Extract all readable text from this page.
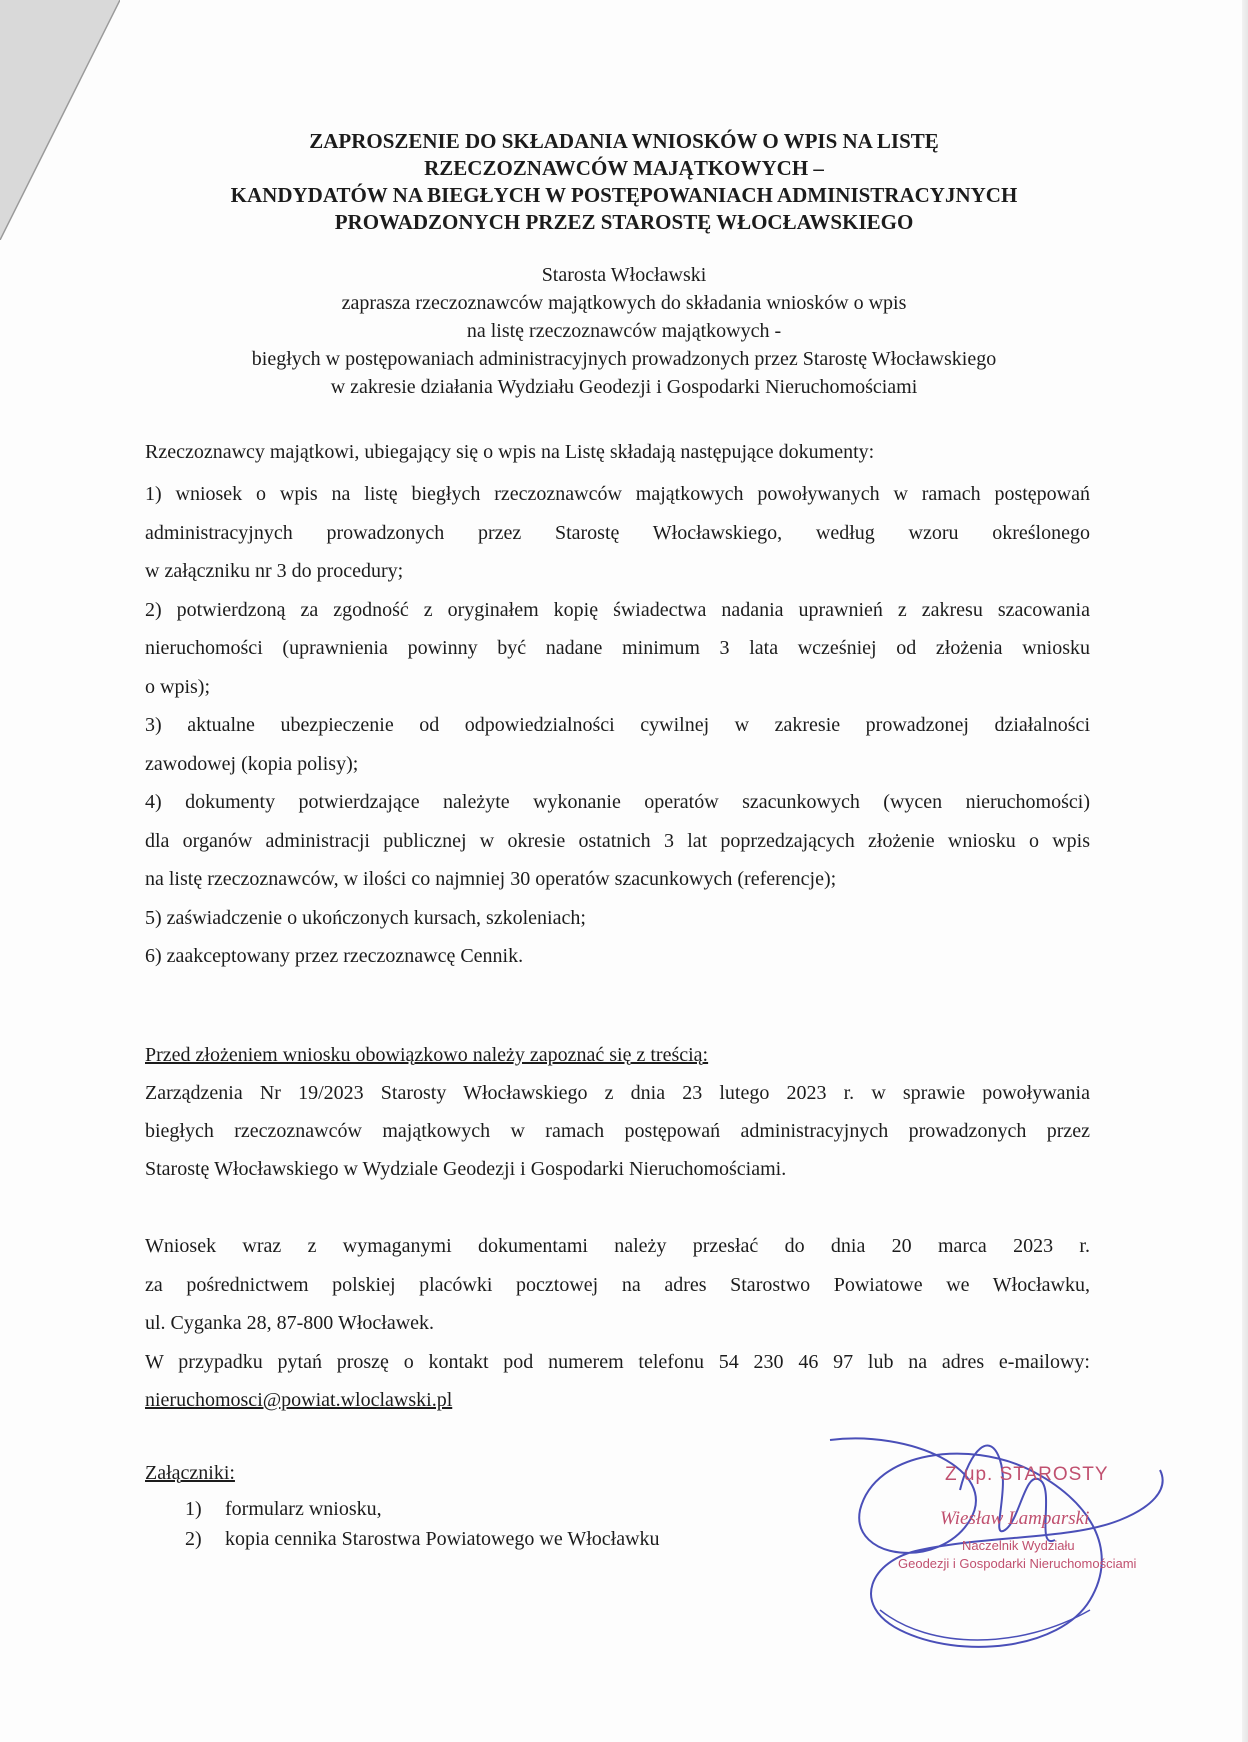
ZAPROSZENIE DO SKŁADANIA WNIOSKÓW O WPIS NA LISTĘ
RZECZOZNAWCÓW MAJĄTKOWYCH –
KANDYDATÓW NA BIEGŁYCH W POSTĘPOWANIACH ADMINISTRACYJNYCH
PROWADZONYCH PRZEZ STAROSTĘ WŁOCŁAWSKIEGO
Starosta Włocławski
zaprasza rzeczoznawców majątkowych do składania wniosków o wpis
na listę rzeczoznawców majątkowych -
biegłych w postępowaniach administracyjnych prowadzonych przez Starostę Włocławskiego
w zakresie działania Wydziału Geodezji i Gospodarki Nieruchomościami
Rzeczoznawcy majątkowi, ubiegający się o wpis na Listę składają następujące dokumenty:
1) wniosek o wpis na listę biegłych rzeczoznawców majątkowych powoływanych w ramach postępowań
administracyjnych prowadzonych przez Starostę Włocławskiego, według wzoru określonego
w załączniku nr 3 do procedury;
2) potwierdzoną za zgodność z oryginałem kopię świadectwa nadania uprawnień z zakresu szacowania
nieruchomości (uprawnienia powinny być nadane minimum 3 lata wcześniej od złożenia wniosku
o wpis);
3) aktualne ubezpieczenie od odpowiedzialności cywilnej w zakresie prowadzonej działalności
zawodowej (kopia polisy);
4) dokumenty potwierdzające należyte wykonanie operatów szacunkowych (wycen nieruchomości)
dla organów administracji publicznej w okresie ostatnich 3 lat poprzedzających złożenie wniosku o wpis
na listę rzeczoznawców, w ilości co najmniej 30 operatów szacunkowych (referencje);
5) zaświadczenie o ukończonych kursach, szkoleniach;
6) zaakceptowany przez rzeczoznawcę Cennik.
Przed złożeniem wniosku obowiązkowo należy zapoznać się z treścią:
Zarządzenia Nr 19/2023 Starosty Włocławskiego z dnia 23 lutego 2023 r. w sprawie powoływania
biegłych rzeczoznawców majątkowych w ramach postępowań administracyjnych prowadzonych przez
Starostę Włocławskiego w Wydziale Geodezji i Gospodarki Nieruchomościami.
Wniosek wraz z wymaganymi dokumentami należy przesłać do dnia 20 marca 2023 r.
za pośrednictwem polskiej placówki pocztowej na adres Starostwo Powiatowe we Włocławku,
ul. Cyganka 28, 87-800 Włocławek.
W przypadku pytań proszę o kontakt pod numerem telefonu 54 230 46 97 lub na adres e-mailowy:
nieruchomosci@powiat.wloclawski.pl
Załączniki:
1) formularz wniosku,
2) kopia cennika Starostwa Powiatowego we Włocławku
Z up. STAROSTY
Wiesław Lamparski
Naczelnik Wydziału
Geodezji i Gospodarki Nieruchomościami
